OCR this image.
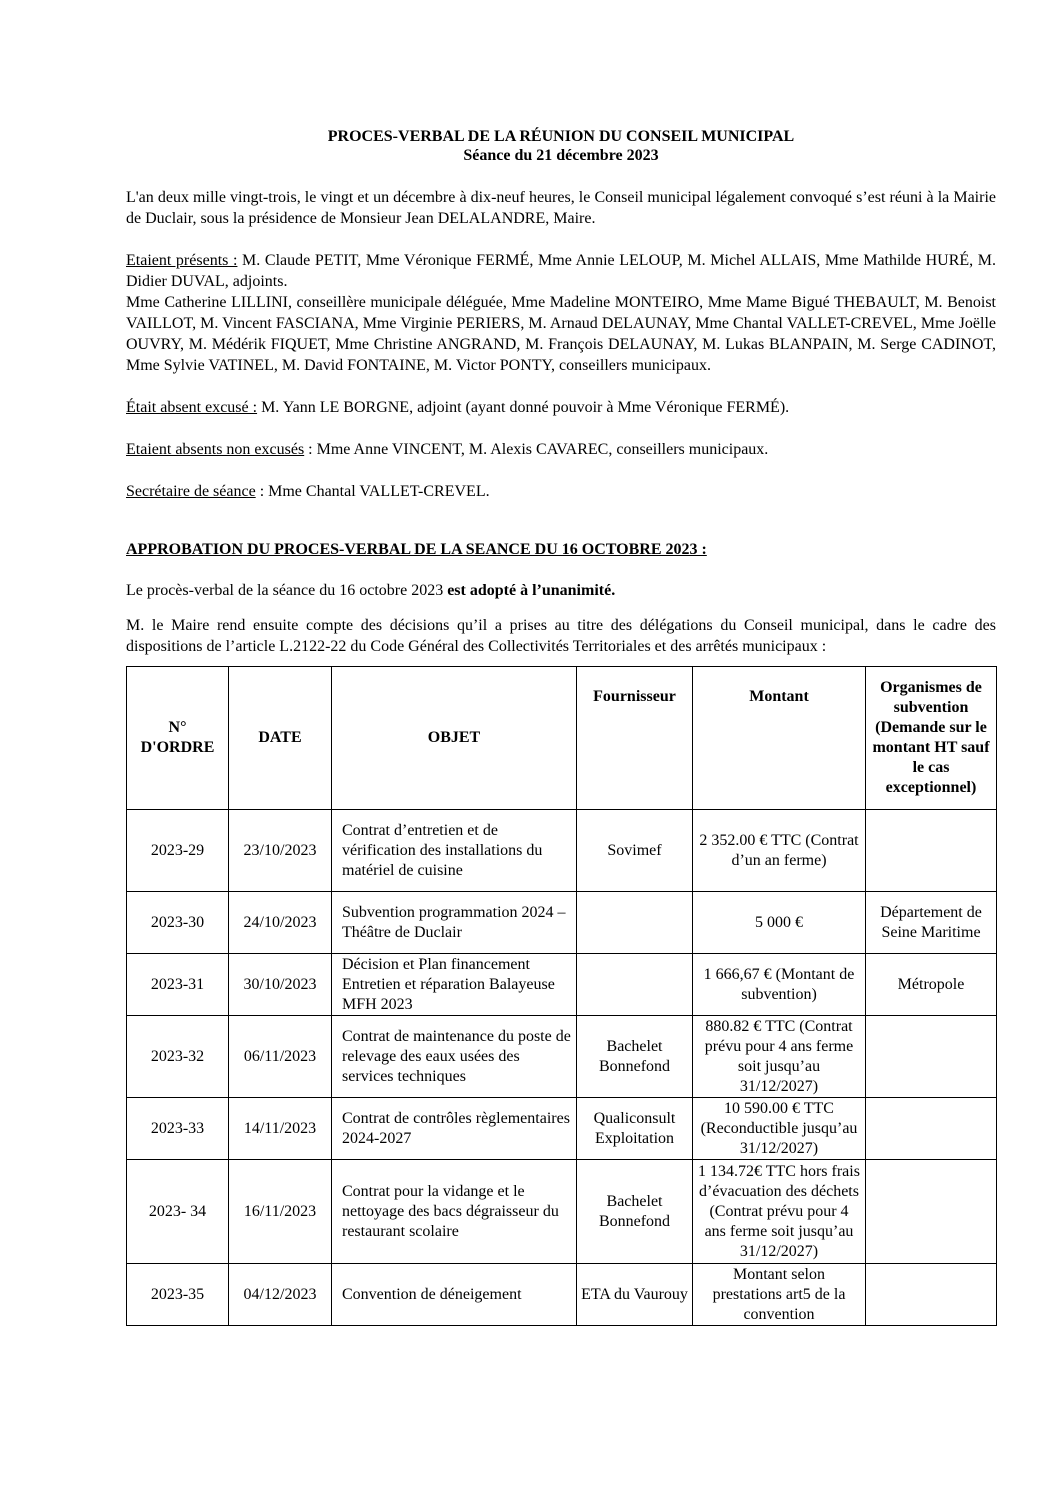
PROCES-VERBAL DE LA RÉUNION DU CONSEIL MUNICIPAL
Séance du 21 décembre 2023

L'an deux mille vingt-trois, le vingt et un décembre à dix-neuf heures, le Conseil municipal légalement convoqué s’est réuni à la Mairie de Duclair, sous la présidence de Monsieur Jean DELALANDRE, Maire.

Etaient présents : M. Claude PETIT, Mme Véronique FERMÉ, Mme Annie LELOUP, M. Michel ALLAIS, Mme Mathilde HURÉ, M. Didier DUVAL, adjoints.

Mme Catherine LILLINI, conseillère municipale déléguée, Mme Madeline MONTEIRO, Mme Mame Bigué THEBAULT, M. Benoist VAILLOT, M. Vincent FASCIANA, Mme Virginie PERIERS, M. Arnaud DELAUNAY, Mme Chantal VALLET-CREVEL, Mme Joëlle OUVRY, M. Médérik FIQUET, Mme Christine ANGRAND, M. François DELAUNAY, M. Lukas BLANPAIN, M. Serge CADINOT, Mme Sylvie VATINEL, M. David FONTAINE, M. Victor PONTY, conseillers municipaux.

Était absent excusé : M. Yann LE BORGNE, adjoint (ayant donné pouvoir à Mme Véronique FERMÉ).

Etaient absents non excusés : Mme Anne VINCENT, M. Alexis CAVAREC, conseillers municipaux.

Secrétaire de séance : Mme Chantal VALLET-CREVEL.

APPROBATION DU PROCES-VERBAL DE LA SEANCE DU 16 OCTOBRE 2023 :

Le procès-verbal de la séance du 16 octobre 2023 est adopté à l’unanimité.

M. le Maire rend ensuite compte des décisions qu’il a prises au titre des délégations du Conseil municipal, dans le cadre des dispositions de l’article L.2122-22 du Code Général des Collectivités Territoriales et des arrêtés municipaux :

N° D'ORDRE	DATE	OBJET	Fournisseur	Montant	Organismes de subvention (Demande sur le montant HT sauf le cas exceptionnel)
2023-29	23/10/2023	Contrat d’entretien et de vérification des installations du matériel de cuisine	Sovimef	2 352.00 € TTC (Contrat d’un an ferme)	
2023-30	24/10/2023	Subvention programmation 2024 – Théâtre de Duclair		5 000 €	Département de Seine Maritime
2023-31	30/10/2023	Décision et Plan financement Entretien et réparation Balayeuse MFH 2023		1 666,67 € (Montant de subvention)	Métropole
2023-32	06/11/2023	Contrat de maintenance du poste de relevage des eaux usées des services techniques	Bachelet Bonnefond	880.82 € TTC (Contrat prévu pour 4 ans ferme soit jusqu’au 31/12/2027)	
2023-33	14/11/2023	Contrat de contrôles règlementaires 2024-2027	Qualiconsult Exploitation	10 590.00 € TTC (Reconductible jusqu’au 31/12/2027)	
2023- 34	16/11/2023	Contrat pour la vidange et le nettoyage des bacs dégraisseur du restaurant scolaire	Bachelet Bonnefond	1 134.72€ TTC hors frais d’évacuation des déchets (Contrat prévu pour 4 ans ferme soit jusqu’au 31/12/2027)	
2023-35	04/12/2023	Convention de déneigement	ETA du Vaurouy	Montant selon prestations art5 de la convention	
